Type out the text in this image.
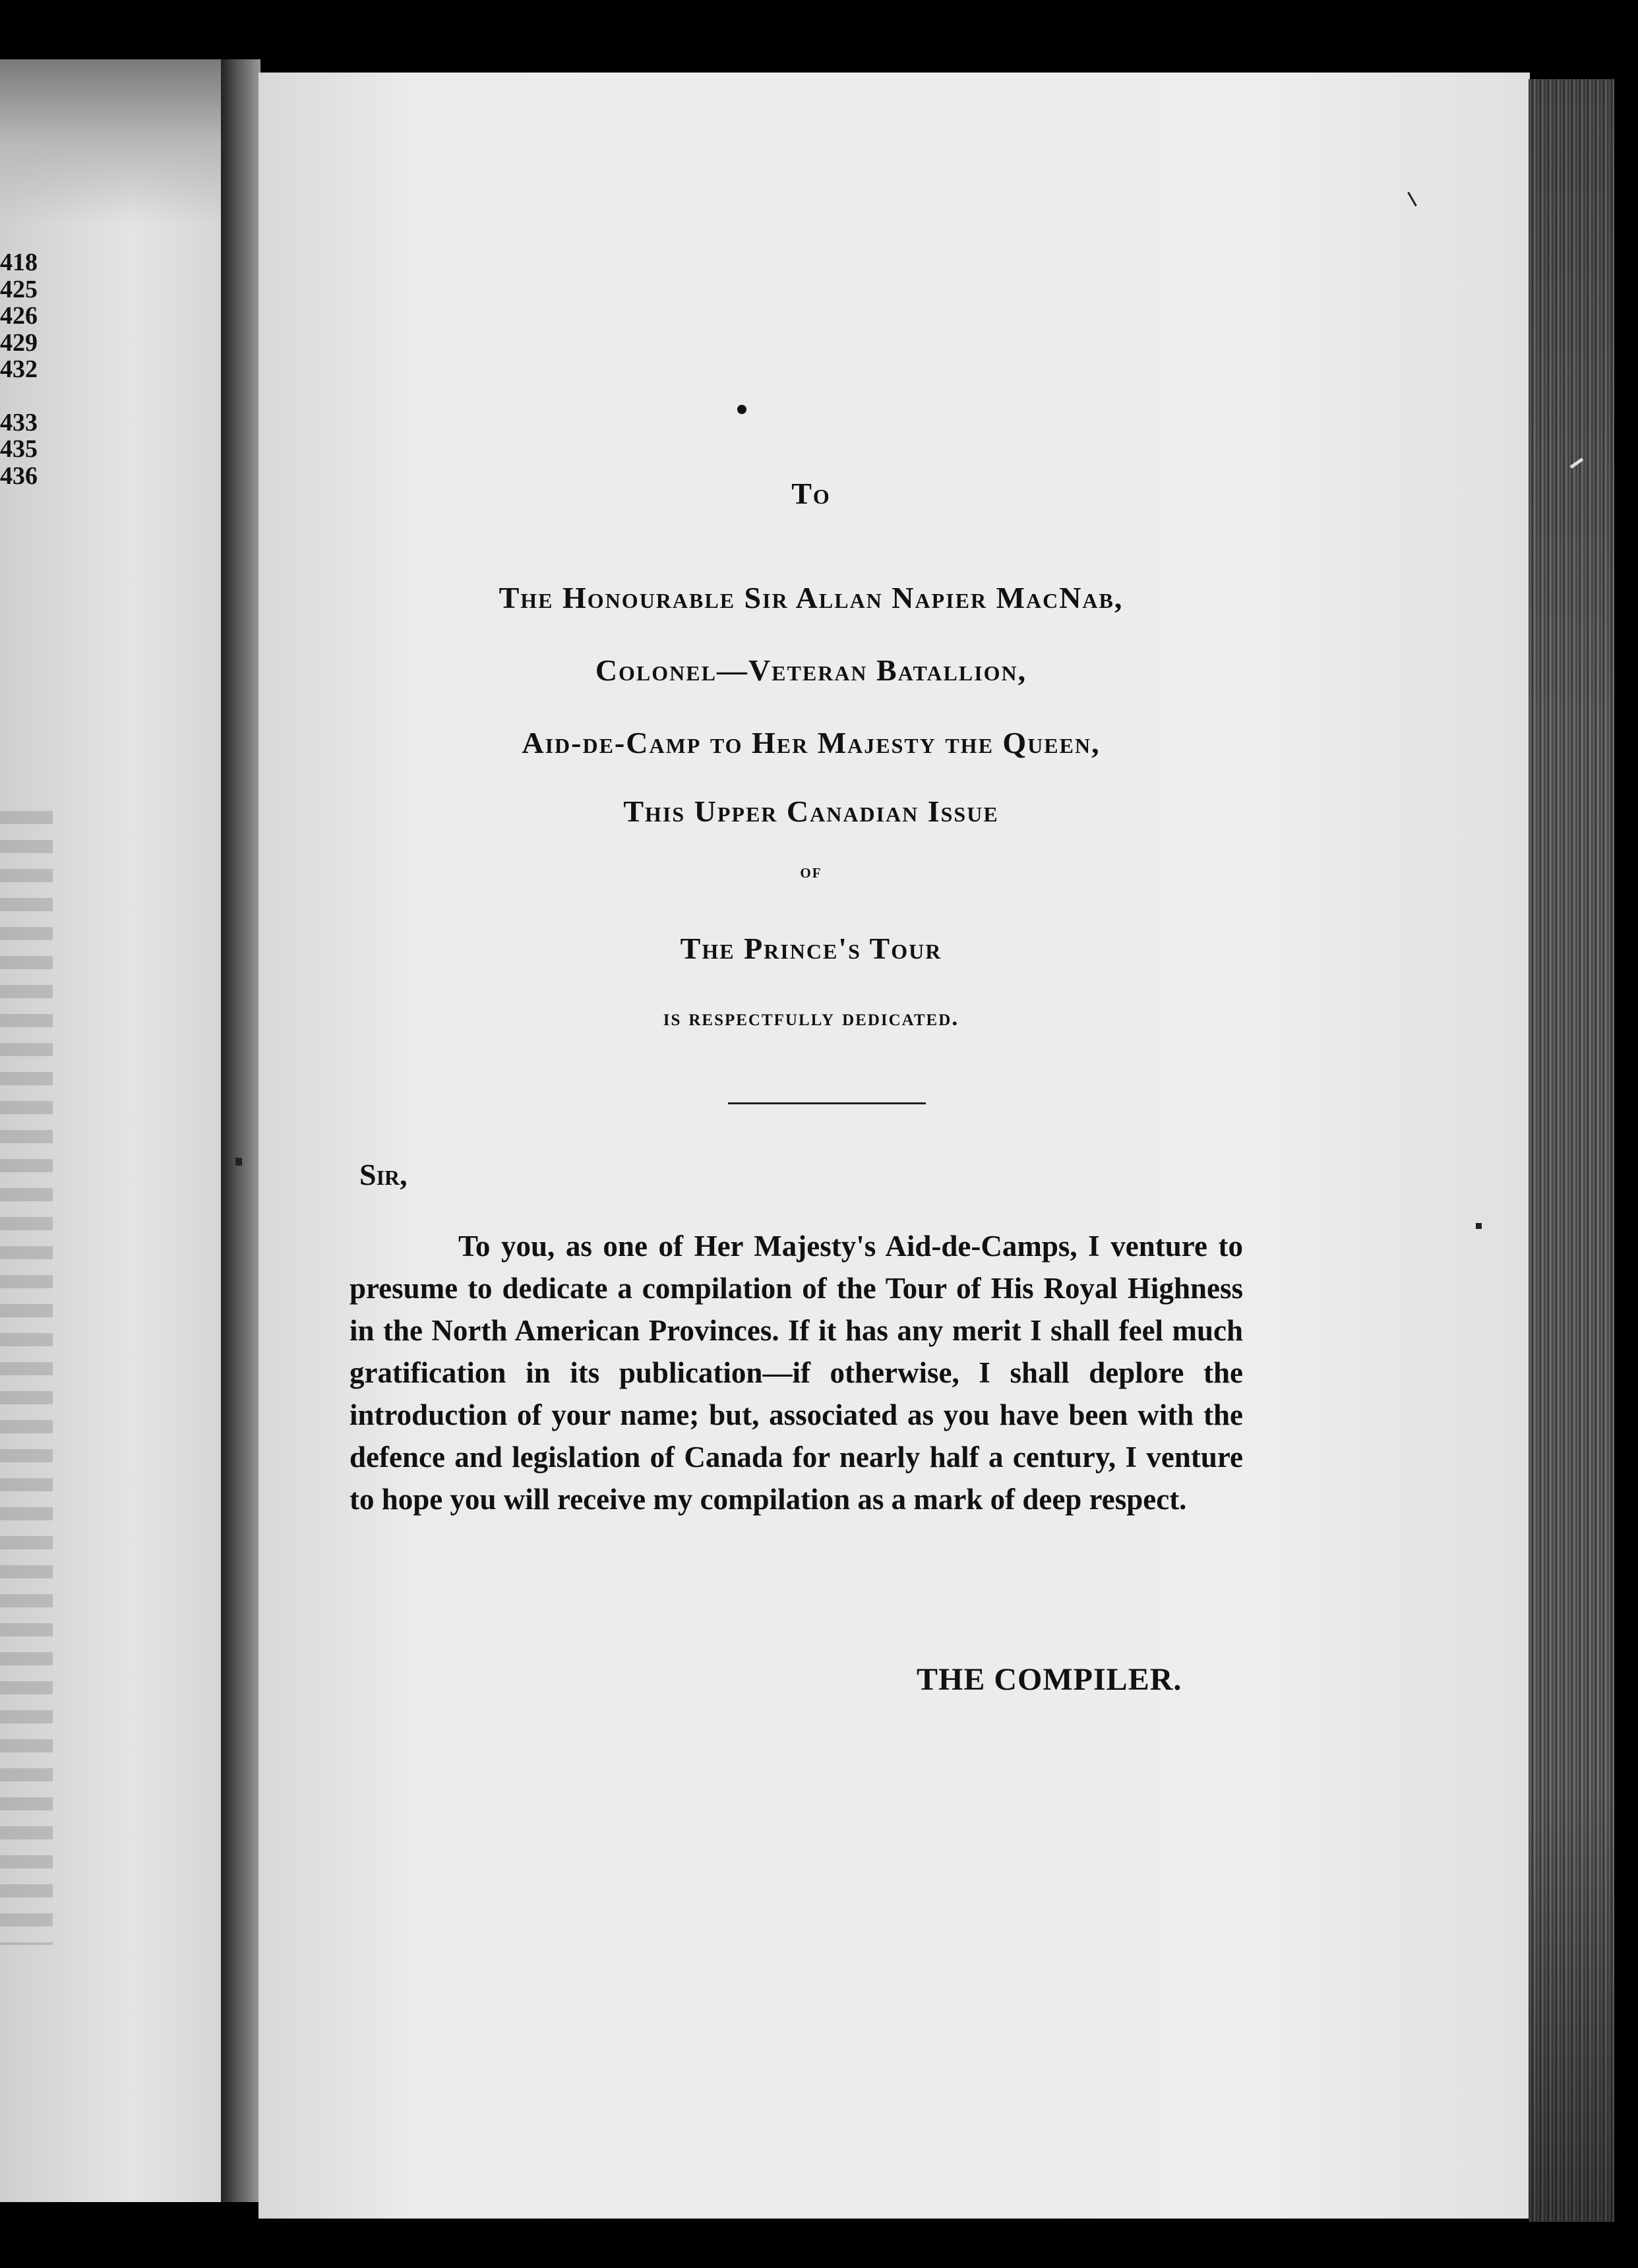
418
425
426
429
432
433
435
436
To
The Honourable Sir Allan Napier MacNab,
Colonel—Veteran Batallion,
Aid-de-Camp to Her Majesty the Queen,
This Upper Canadian Issue
of
The Prince's Tour
is respectfully dedicated.
Sir,

To you, as one of Her Majesty's Aid-de-Camps, I venture to presume to dedicate a compilation of the Tour of His Royal Highness in the North American Provinces. If it has any merit I shall feel much gratification in its publication—if otherwise, I shall deplore the introduction of your name; but, associated as you have been with the defence and legislation of Canada for nearly half a century, I venture to hope you will receive my compilation as a mark of deep respect.

THE COMPILER.
